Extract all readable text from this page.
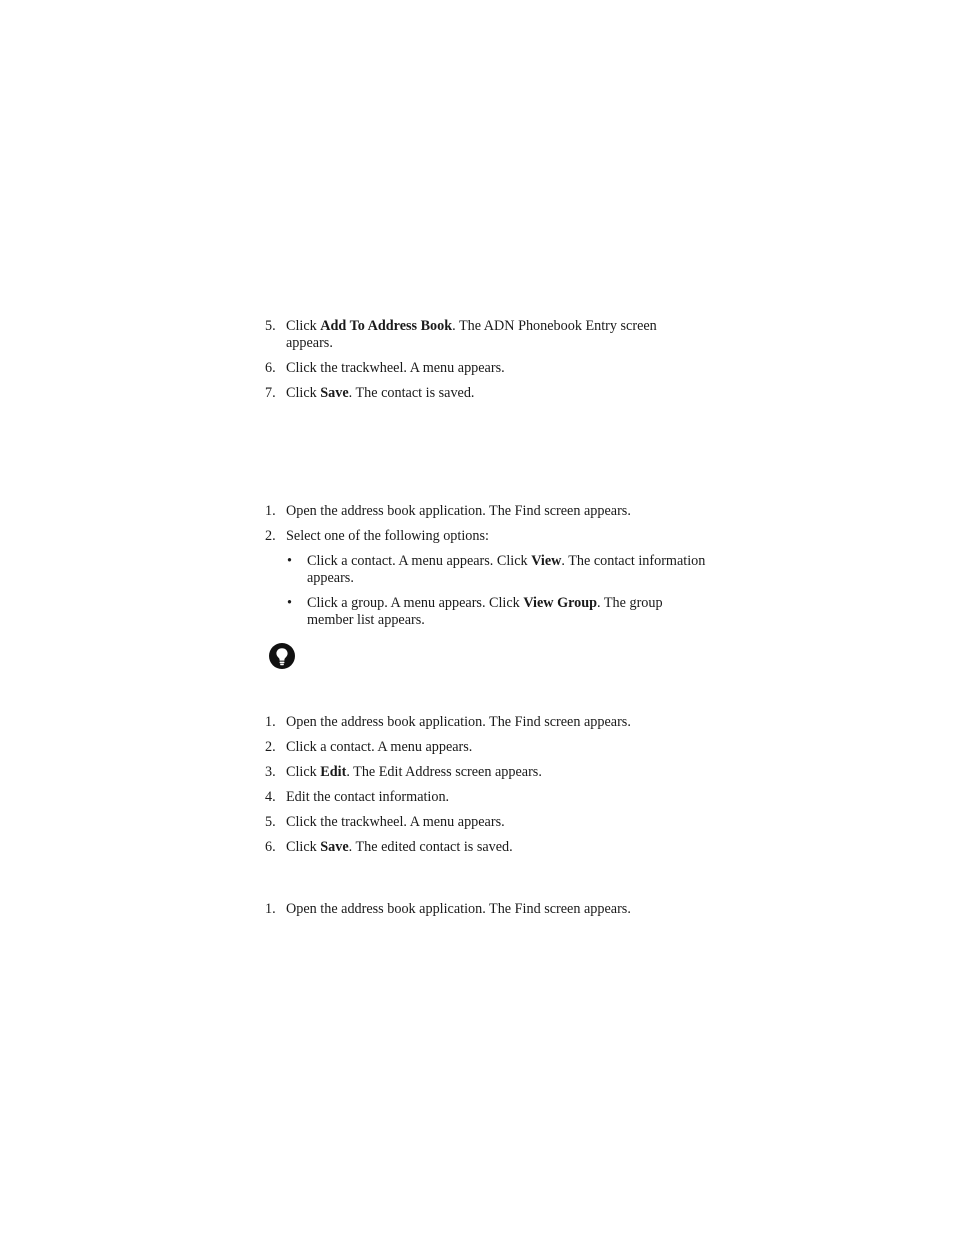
5. Click Add To Address Book. The ADN Phonebook Entry screen appears.
6. Click the trackwheel. A menu appears.
7. Click Save. The contact is saved.
1. Open the address book application. The Find screen appears.
2. Select one of the following options:
•	Click a contact. A menu appears. Click View. The contact information appears.
•	Click a group. A menu appears. Click View Group. The group member list appears.
1. Open the address book application. The Find screen appears.
2. Click a contact. A menu appears.
3. Click Edit. The Edit Address screen appears.
4. Edit the contact information.
5. Click the trackwheel. A menu appears.
6. Click Save. The edited contact is saved.
1. Open the address book application. The Find screen appears.
